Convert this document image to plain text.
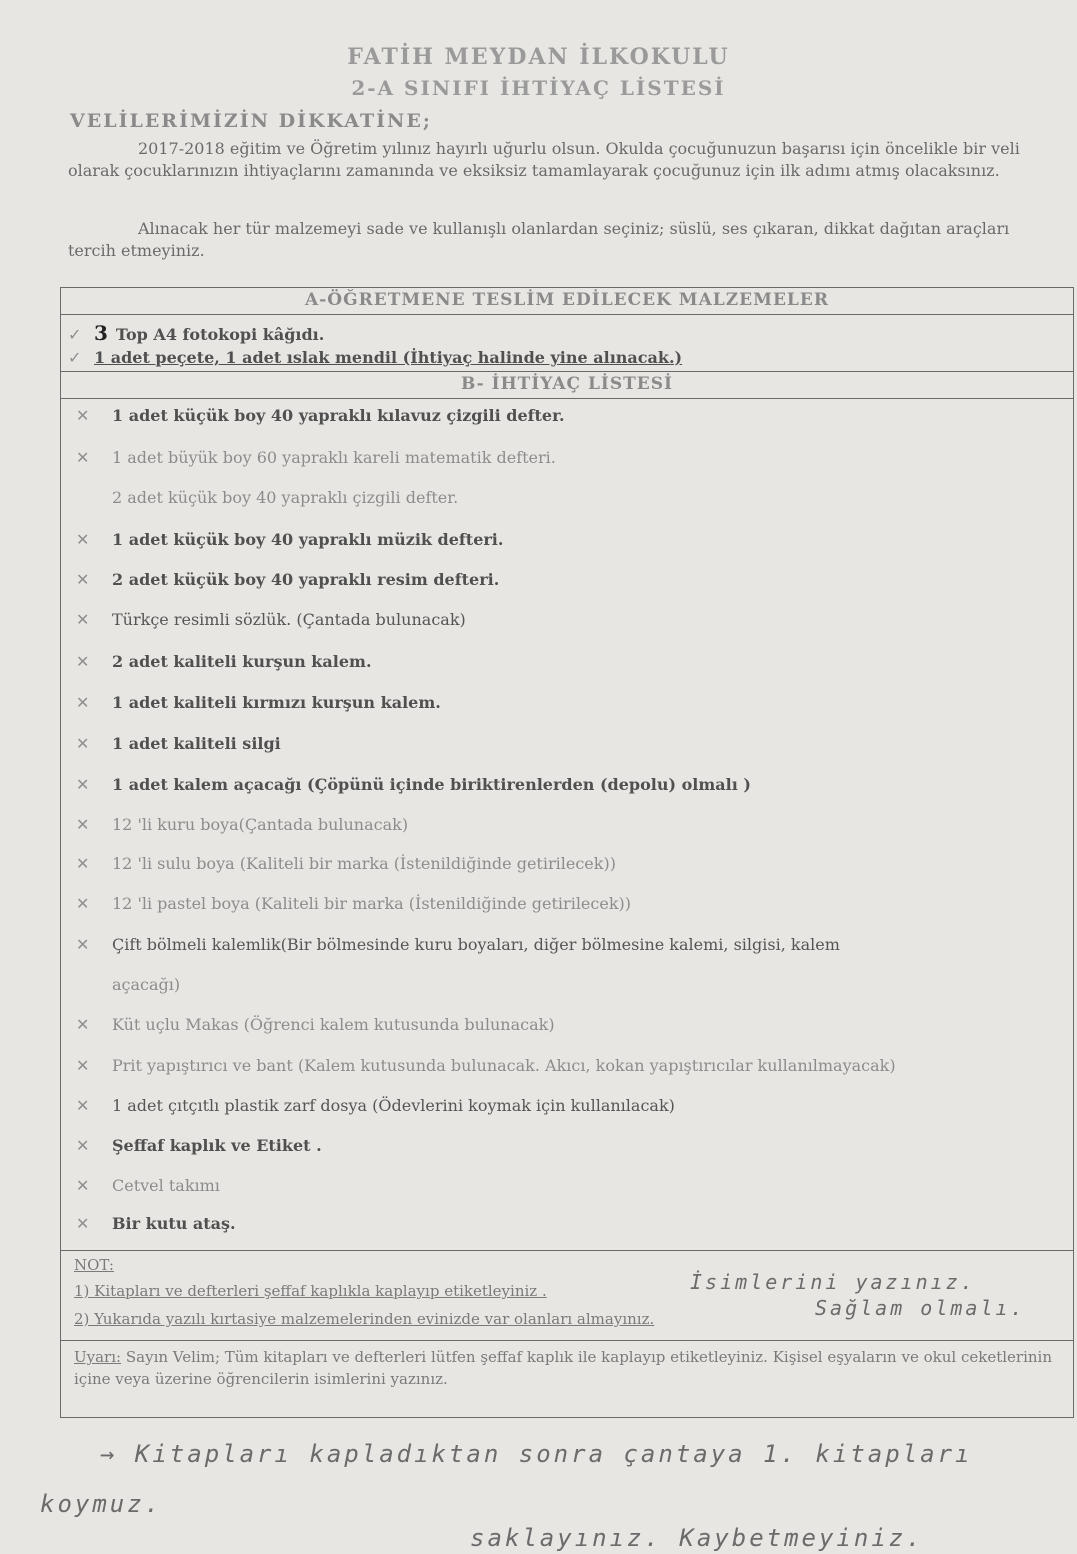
FATİH MEYDAN İLKOKULU
2-A SINIFI İHTİYAÇ LİSTESİ
VELİLERİMİZİN DİKKATİNE;
2017-2018 eğitim ve Öğretim yılınız hayırlı uğurlu olsun. Okulda çocuğunuzun başarısı için öncelikle bir veli olarak çocuklarınızın ihtiyaçlarını zamanında ve eksiksiz tamamlayarak çocuğunuz için ilk adımı atmış olacaksınız.
Alınacak her tür malzemeyi sade ve kullanışlı olanlardan seçiniz; süslü, ses çıkaran, dikkat dağıtan araçları tercih etmeyiniz.
A-ÖĞRETMENE TESLİM EDİLECEK MALZEMELER
✓ 3 Top A4 fotokopi kâğıdı.
✓ 1 adet peçete, 1 adet ıslak mendil (İhtiyaç halinde yine alınacak.)
B- İHTİYAÇ LİSTESİ
✕ 1 adet küçük boy 40 yapraklı kılavuz çizgili defter.
✕ 1 adet büyük boy 60 yapraklı kareli matematik defteri.
2 adet küçük boy 40 yapraklı çizgili defter.
✕ 1 adet küçük boy 40 yapraklı müzik defteri.
✕ 2 adet küçük boy 40 yapraklı resim defteri.
✕ Türkçe resimli sözlük. (Çantada bulunacak)
✕ 2 adet kaliteli kurşun kalem.
✕ 1 adet kaliteli kırmızı kurşun kalem.
✕ 1 adet kaliteli silgi
✕ 1 adet kalem açacağı (Çöpünü içinde biriktirenlerden (depolu) olmalı )
✕ 12 'li kuru boya(Çantada bulunacak)
✕ 12 'li sulu boya (Kaliteli bir marka (İstenildiğinde getirilecek))
✕ 12 'li pastel boya (Kaliteli bir marka (İstenildiğinde getirilecek))
✕ Çift bölmeli kalemlik(Bir bölmesinde kuru boyaları, diğer bölmesine kalemi, silgisi, kalem
açacağı)
✕ Küt uçlu Makas (Öğrenci kalem kutusunda bulunacak)
✕ Prit yapıştırıcı ve bant (Kalem kutusunda bulunacak. Akıcı, kokan yapıştırıcılar kullanılmayacak)
✕ 1 adet çıtçıtlı plastik zarf dosya (Ödevlerini koymak için kullanılacak)
✕ Şeffaf kaplık ve Etiket .
✕ Cetvel takımı
✕ Bir kutu ataş.
NOT:
1) Kitapları ve defterleri şeffaf kaplıkla kaplayıp etiketleyiniz .	İsimlerini yazınız.
2) Yukarıda yazılı kırtasiye malzemelerinden evinizde var olanları almayınız.	Sağlam olmalı.
Uyarı: Sayın Velim; Tüm kitapları ve defterleri lütfen şeffaf kaplık ile kaplayıp etiketleyiniz. Kişisel eşyaların ve okul ceketlerinin içine veya üzerine öğrencilerin isimlerini yazınız.
→ Kitapları kapladıktan sonra çantaya 1. kitapları
koymuz.
saklayınız. Kaybetmeyiniz.
